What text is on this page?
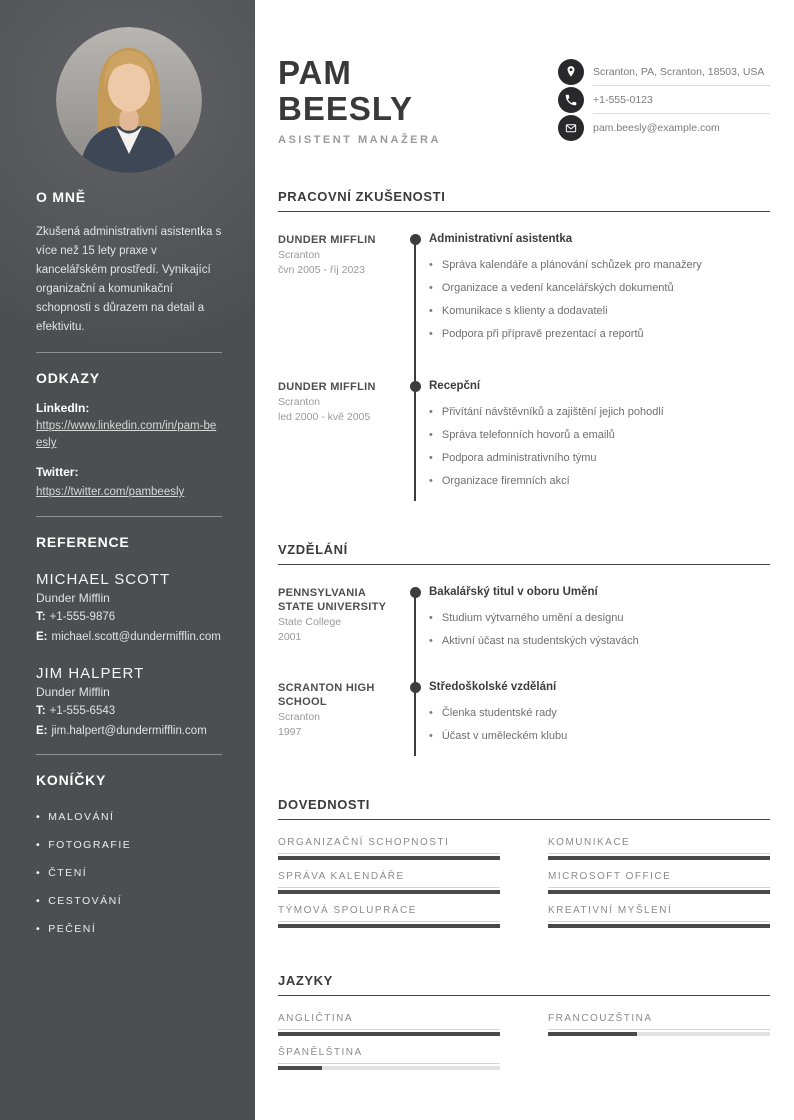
O MNĚ

Zkušená administrativní asistentka s více než 15 lety praxe v kancelářském prostředí. Vynikající organizační a komunikační schopnosti s důrazem na detail a efektivitu.

ODKAZY
LinkedIn:
https://www.linkedin.com/in/pam-beesly
Twitter:
https://twitter.com/pambeesly
REFERENCE
MICHAEL SCOTT
Dunder Mifflin
T: +1-555-9876
E: michael.scott@dundermifflin.com
JIM HALPERT
Dunder Mifflin
T: +1-555-6543
E: jim.halpert@dundermifflin.com
KONÍČKY
• MALOVÁNÍ
• FOTOGRAFIE
• ČTENÍ
• CESTOVÁNÍ
• PEČENÍ
PAM
BEESLY
ASISTENT MANAŽERA
Scranton, PA, Scranton, 18503, USA
+1-555-0123
pam.beesly@example.com
PRACOVNÍ ZKUŠENOSTI
DUNDER MIFFLIN
Scranton
čvn 2005 - říj 2023
Administrativní asistentka
• Správa kalendáře a plánování schůzek pro manažery
• Organizace a vedení kancelářských dokumentů
• Komunikace s klienty a dodavateli
• Podpora při přípravě prezentací a reportů
DUNDER MIFFLIN
Scranton
led 2000 - kvě 2005
Recepční
• Přivítání návštěvníků a zajištění jejich pohodlí
• Správa telefonních hovorů a emailů
• Podpora administrativního týmu
• Organizace firemních akcí
VZDĚLÁNÍ
PENNSYLVANIA STATE UNIVERSITY
State College
2001
Bakalářský titul v oboru Umění
• Studium výtvarného umění a designu
• Aktivní účast na studentských výstavách
SCRANTON HIGH SCHOOL
Scranton
1997
Středoškolské vzdělání
• Členka studentské rady
• Účast v uměleckém klubu
DOVEDNOSTI
ORGANIZAČNÍ SCHOPNOSTI	KOMUNIKACE
SPRÁVA KALENDÁŘE	MICROSOFT OFFICE
TÝMOVÁ SPOLUPRÁCE	KREATIVNÍ MYŠLENÍ
JAZYKY
ANGLIČTINA	FRANCOUZŠTINA
ŠPANĚLŠTINA
